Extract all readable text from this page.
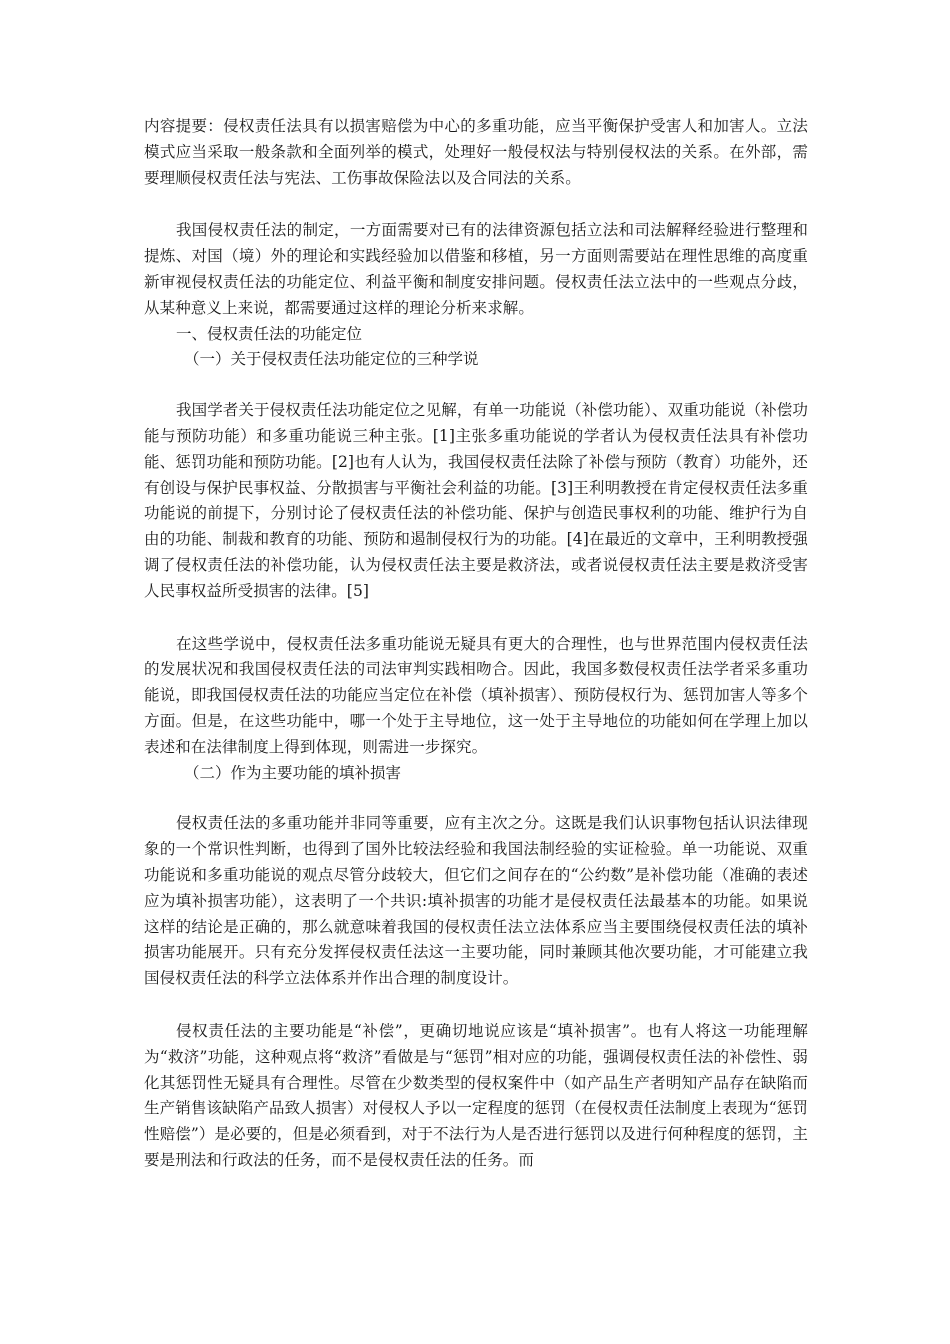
内容提要：侵权责任法具有以损害赔偿为中心的多重功能，应当平衡保护受害人和加害人。立法模式应当采取一般条款和全面列举的模式，处理好一般侵权法与特别侵权法的关系。在外部，需要理顺侵权责任法与宪法、工伤事故保险法以及合同法的关系。

我国侵权责任法的制定，一方面需要对已有的法律资源包括立法和司法解释经验进行整理和提炼、对国（境）外的理论和实践经验加以借鉴和移植，另一方面则需要站在理性思维的高度重新审视侵权责任法的功能定位、利益平衡和制度安排问题。侵权责任法立法中的一些观点分歧，从某种意义上来说，都需要通过这样的理论分析来求解。

一、侵权责任法的功能定位

（一）关于侵权责任法功能定位的三种学说

我国学者关于侵权责任法功能定位之见解，有单一功能说（补偿功能）、双重功能说（补偿功能与预防功能）和多重功能说三种主张。[1]主张多重功能说的学者认为侵权责任法具有补偿功能、惩罚功能和预防功能。[2]也有人认为，我国侵权责任法除了补偿与预防（教育）功能外，还有创设与保护民事权益、分散损害与平衡社会利益的功能。[3]王利明教授在肯定侵权责任法多重功能说的前提下，分别讨论了侵权责任法的补偿功能、保护与创造民事权利的功能、维护行为自由的功能、制裁和教育的功能、预防和遏制侵权行为的功能。[4]在最近的文章中，王利明教授强调了侵权责任法的补偿功能，认为侵权责任法主要是救济法，或者说侵权责任法主要是救济受害人民事权益所受损害的法律。[5]

在这些学说中，侵权责任法多重功能说无疑具有更大的合理性，也与世界范围内侵权责任法的发展状况和我国侵权责任法的司法审判实践相吻合。因此，我国多数侵权责任法学者采多重功能说，即我国侵权责任法的功能应当定位在补偿（填补损害）、预防侵权行为、惩罚加害人等多个方面。但是，在这些功能中，哪一个处于主导地位，这一处于主导地位的功能如何在学理上加以表述和在法律制度上得到体现，则需进一步探究。

（二）作为主要功能的填补损害

侵权责任法的多重功能并非同等重要，应有主次之分。这既是我们认识事物包括认识法律现象的一个常识性判断，也得到了国外比较法经验和我国法制经验的实证检验。单一功能说、双重功能说和多重功能说的观点尽管分歧较大，但它们之间存在的“公约数”是补偿功能（准确的表述应为填补损害功能），这表明了一个共识:填补损害的功能才是侵权责任法最基本的功能。如果说这样的结论是正确的，那么就意味着我国的侵权责任法立法体系应当主要围绕侵权责任法的填补损害功能展开。只有充分发挥侵权责任法这一主要功能，同时兼顾其他次要功能，才可能建立我国侵权责任法的科学立法体系并作出合理的制度设计。

侵权责任法的主要功能是“补偿”，更确切地说应该是“填补损害”。也有人将这一功能理解为“救济”功能，这种观点将“救济”看做是与“惩罚”相对应的功能，强调侵权责任法的补偿性、弱化其惩罚性无疑具有合理性。尽管在少数类型的侵权案件中（如产品生产者明知产品存在缺陷而生产销售该缺陷产品致人损害）对侵权人予以一定程度的惩罚（在侵权责任法制度上表现为“惩罚性赔偿”）是必要的，但是必须看到，对于不法行为人是否进行惩罚以及进行何种程度的惩罚，主要是刑法和行政法的任务，而不是侵权责任法的任务。而
